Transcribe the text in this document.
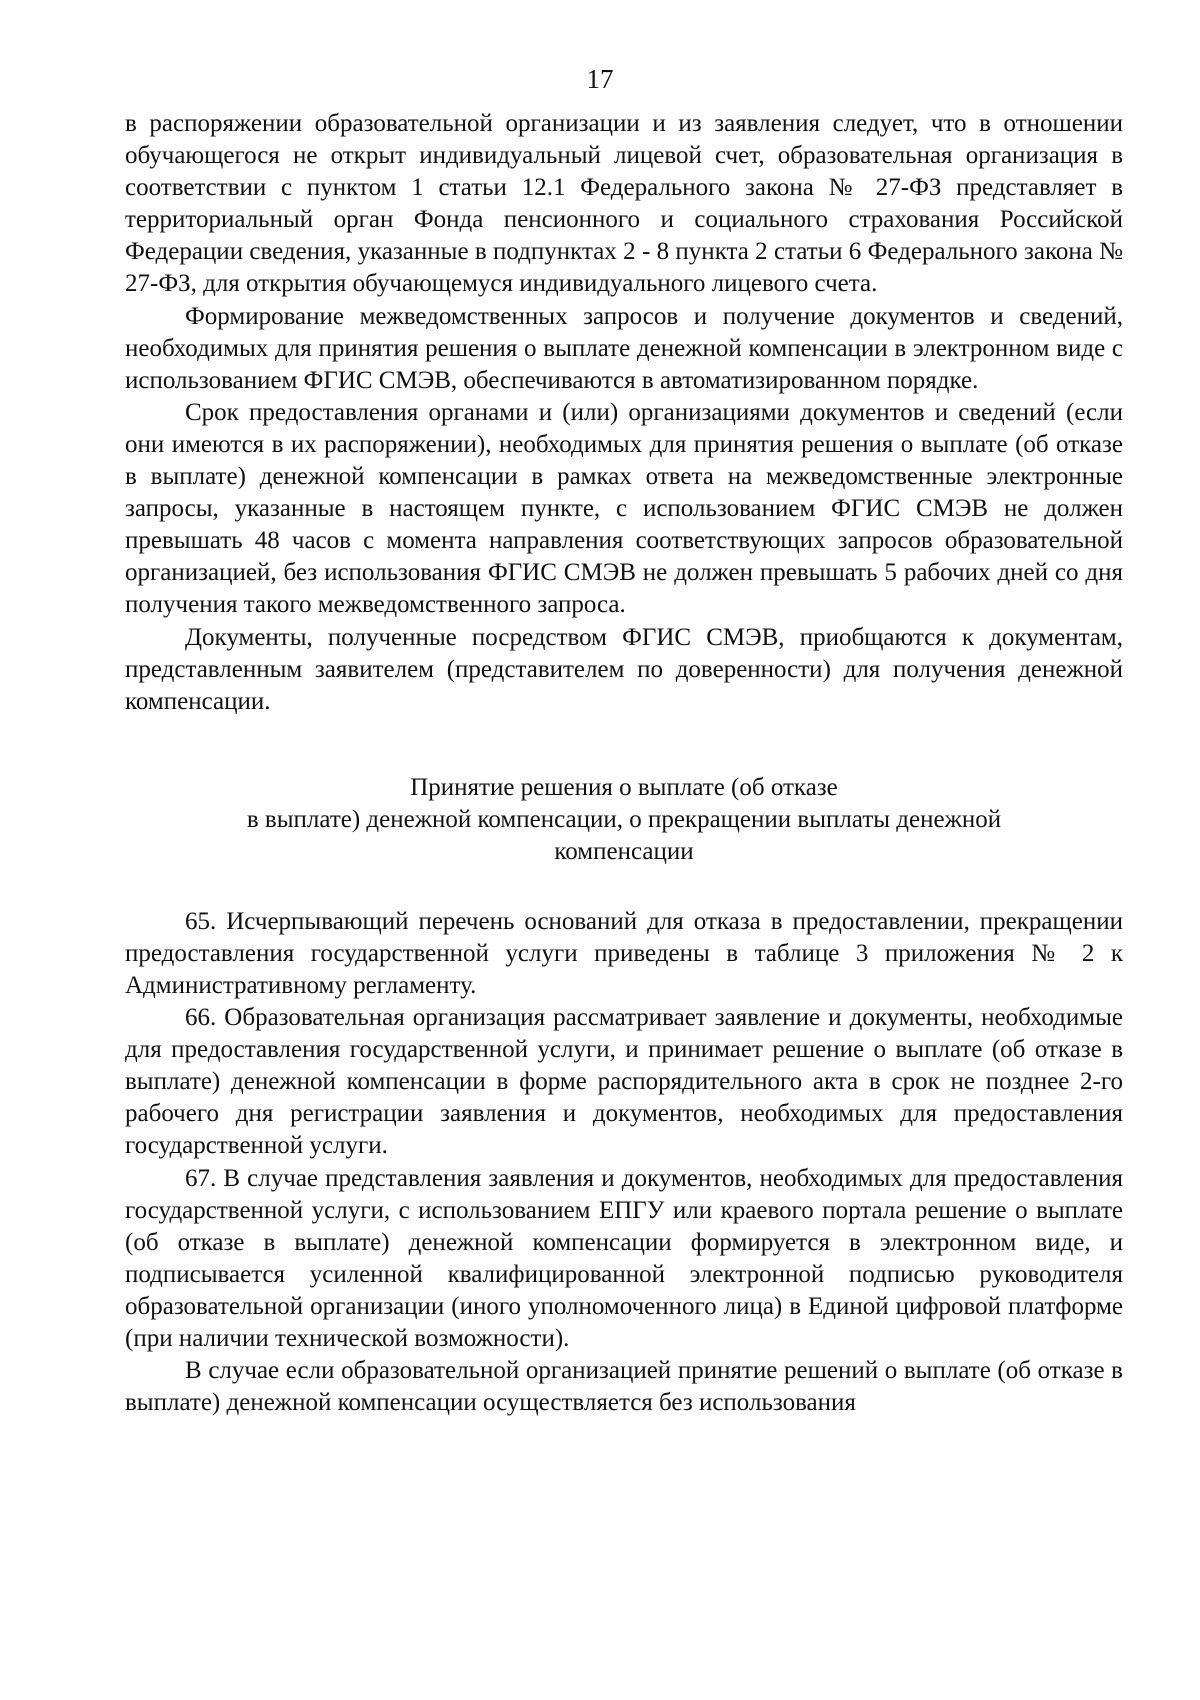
17

в распоряжении образовательной организации и из заявления следует, что в отношении обучающегося не открыт индивидуальный лицевой счет, образовательная организация в соответствии с пунктом 1 статьи 12.1 Федерального закона № 27-ФЗ представляет в территориальный орган Фонда пенсионного и социального страхования Российской Федерации сведения, указанные в подпунктах 2 - 8 пункта 2 статьи 6 Федерального закона № 27-ФЗ, для открытия обучающемуся индивидуального лицевого счета.

Формирование межведомственных запросов и получение документов и сведений, необходимых для принятия решения о выплате денежной компенсации в электронном виде с использованием ФГИС СМЭВ, обеспечиваются в автоматизированном порядке.

Срок предоставления органами и (или) организациями документов и сведений (если они имеются в их распоряжении), необходимых для принятия решения о выплате (об отказе в выплате) денежной компенсации в рамках ответа на межведомственные электронные запросы, указанные в настоящем пункте, с использованием ФГИС СМЭВ не должен превышать 48 часов с момента направления соответствующих запросов образовательной организацией, без использования ФГИС СМЭВ не должен превышать 5 рабочих дней со дня получения такого межведомственного запроса.

Документы, полученные посредством ФГИС СМЭВ, приобщаются к документам, представленным заявителем (представителем по доверенности) для получения денежной компенсации.

Принятие решения о выплате (об отказе
в выплате) денежной компенсации, о прекращении выплаты денежной
компенсации

65. Исчерпывающий перечень оснований для отказа в предоставлении, прекращении предоставления государственной услуги приведены в таблице 3 приложения № 2 к Административному регламенту.

66. Образовательная организация рассматривает заявление и документы, необходимые для предоставления государственной услуги, и принимает решение о выплате (об отказе в выплате) денежной компенсации в форме распорядительного акта в срок не позднее 2-го рабочего дня регистрации заявления и документов, необходимых для предоставления государственной услуги.

67. В случае представления заявления и документов, необходимых для предоставления государственной услуги, с использованием ЕПГУ или краевого портала решение о выплате (об отказе в выплате) денежной компенсации формируется в электронном виде, и подписывается усиленной квалифицированной электронной подписью руководителя образовательной организации (иного уполномоченного лица) в Единой цифровой платформе (при наличии технической возможности).

В случае если образовательной организацией принятие решений о выплате (об отказе в выплате) денежной компенсации осуществляется без использования
